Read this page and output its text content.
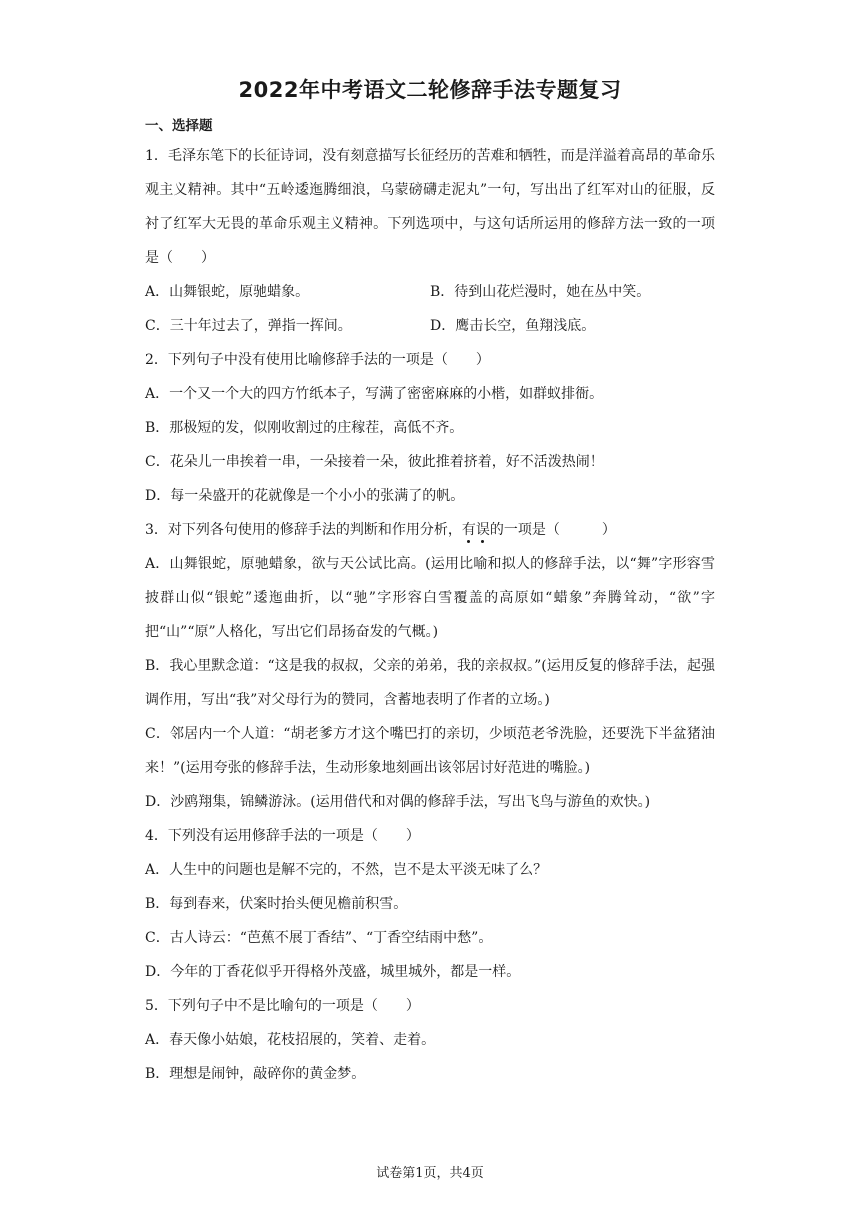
2022年中考语文二轮修辞手法专题复习
一、选择题

1．毛泽东笔下的长征诗词，没有刻意描写长征经历的苦难和牺牲，而是洋溢着高昂的革命乐观主义精神。其中“五岭逶迤腾细浪，乌蒙磅礴走泥丸”一句，写出出了红军对山的征服，反衬了红军大无畏的革命乐观主义精神。下列选项中，与这句话所运用的修辞方法一致的一项是（　　）

A．山舞银蛇，原驰蜡象。	B．待到山花烂漫时，她在丛中笑。

C．三十年过去了，弹指一挥间。	D．鹰击长空，鱼翔浅底。

2．下列句子中没有使用比喻修辞手法的一项是（　　）

A．一个又一个大的四方竹纸本子，写满了密密麻麻的小楷，如群蚁排衙。

B．那极短的发，似刚收割过的庄稼茬，高低不齐。

C．花朵儿一串挨着一串，一朵接着一朵，彼此推着挤着，好不活泼热闹！

D．每一朵盛开的花就像是一个小小的张满了的帆。

3．对下列各句使用的修辞手法的判断和作用分析，有误的一项是（　　　）

A．山舞银蛇，原驰蜡象，欲与天公试比高。(运用比喻和拟人的修辞手法，以“舞”字形容雪披群山似“银蛇”逶迤曲折，以“驰”字形容白雪覆盖的高原如“蜡象”奔腾耸动，“欲”字把“山”“原”人格化，写出它们昂扬奋发的气概。)

B．我心里默念道：“这是我的叔叔，父亲的弟弟，我的亲叔叔。”(运用反复的修辞手法，起强调作用，写出“我”对父母行为的赞同，含蓄地表明了作者的立场。)

C．邻居内一个人道：“胡老爹方才这个嘴巴打的亲切，少顷范老爷洗脸，还要洗下半盆猪油来！”(运用夸张的修辞手法，生动形象地刻画出该邻居讨好范进的嘴脸。)

D．沙鸥翔集，锦鳞游泳。(运用借代和对偶的修辞手法，写出飞鸟与游鱼的欢快。)

4．下列没有运用修辞手法的一项是（　　）

A．人生中的问题也是解不完的，不然，岂不是太平淡无味了么？

B．每到春来，伏案时抬头便见檐前积雪。

C．古人诗云：“芭蕉不展丁香结”、“丁香空结雨中愁”。

D．今年的丁香花似乎开得格外茂盛，城里城外，都是一样。

5．下列句子中不是比喻句的一项是（　　）

A．春天像小姑娘，花枝招展的，笑着、走着。

B．理想是闹钟，敲碎你的黄金梦。

试卷第1页，共4页
